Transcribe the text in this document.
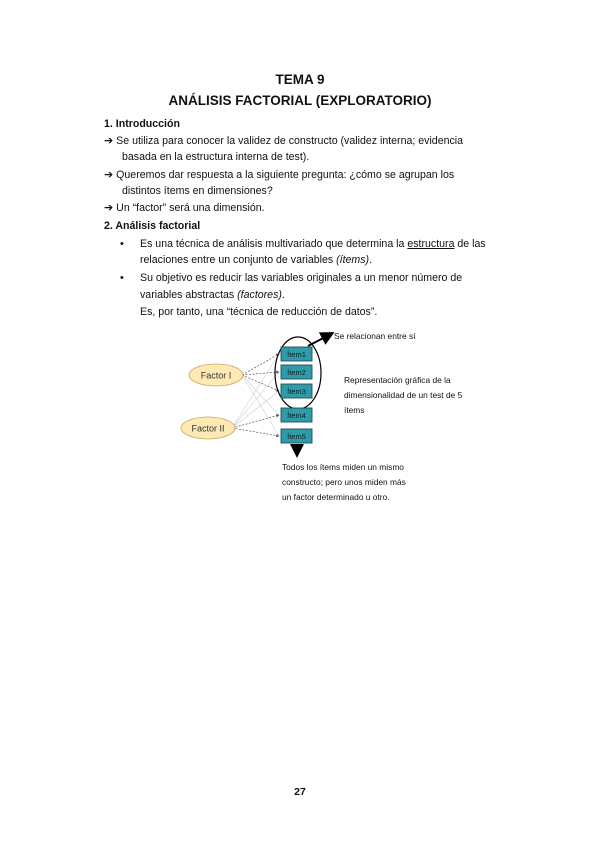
TEMA 9
ANÁLISIS FACTORIAL (EXPLORATORIO)
1. Introducción
➔ Se utiliza para conocer la validez de constructo (validez interna; evidencia
basada en la estructura interna de test).
➔ Queremos dar respuesta a la siguiente pregunta: ¿cómo se agrupan los
distintos ítems en dimensiones?
➔ Un “factor” será una dimensión.
2. Análisis factorial
• Es una técnica de análisis multivariado que determina la estructura de las
relaciones entre un conjunto de variables (ítems).
• Su objetivo es reducir las variables originales a un menor número de
variables abstractas (factores).
Es, por tanto, una “técnica de reducción de datos”.
Factor I
Factor II
Ítem1
Ítem2
Ítem3
Ítem4
Ítem5
Se relacionan entre sí
Representación gráfica de la
dimensionalidad de un test de 5
ítems
Todos los ítems miden un mismo
constructo; pero unos miden más
un factor determinado u otro.
27
